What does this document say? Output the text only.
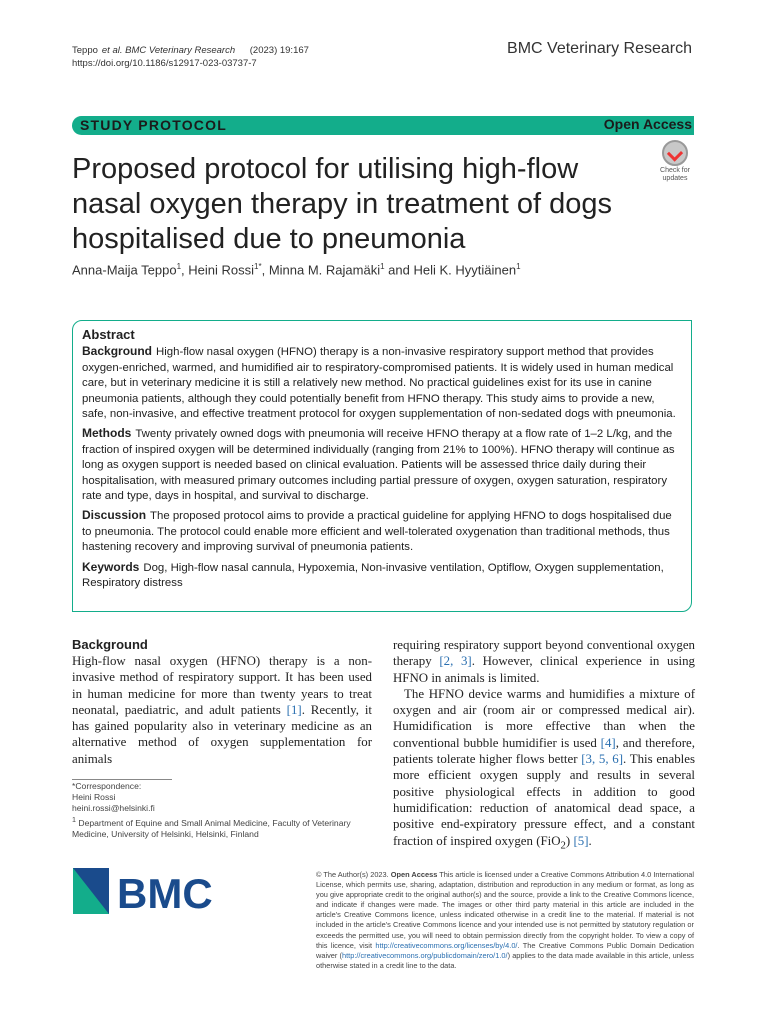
Teppo et al. BMC Veterinary Research (2023) 19:167
https://doi.org/10.1186/s12917-023-03737-7
BMC Veterinary Research
STUDY PROTOCOL	Open Access
Proposed protocol for utilising high-flow nasal oxygen therapy in treatment of dogs hospitalised due to pneumonia
Check for
updates
Anna-Maija Teppo$^1$, Heini Rossi$^{1*}$, Minna M. Rajamäki$^1$ and Heli K. Hyytiäinen$^1$
Abstract

Background High-flow nasal oxygen (HFNO) therapy is a non-invasive respiratory support method that provides oxygen-enriched, warmed, and humidified air to respiratory-compromised patients. It is widely used in human medical care, but in veterinary medicine it is still a relatively new method. No practical guidelines exist for its use in canine pneumonia patients, although they could potentially benefit from HFNO therapy. This study aims to provide a new, safe, non-invasive, and effective treatment protocol for oxygen supplementation of non-sedated dogs with pneumonia.

Methods Twenty privately owned dogs with pneumonia will receive HFNO therapy at a flow rate of 1–2 L/kg, and the fraction of inspired oxygen will be determined individually (ranging from 21% to 100%). HFNO therapy will continue as long as oxygen support is needed based on clinical evaluation. Patients will be assessed thrice daily during their hospitalisation, with measured primary outcomes including partial pressure of oxygen, oxygen saturation, respiratory rate and type, days in hospital, and survival to discharge.

Discussion The proposed protocol aims to provide a practical guideline for applying HFNO to dogs hospitalised due to pneumonia. The protocol could enable more efficient and well-tolerated oxygenation than traditional methods, thus hastening recovery and improving survival of pneumonia patients.

Keywords Dog, High-flow nasal cannula, Hypoxemia, Non-invasive ventilation, Optiflow, Oxygen supplementation, Respiratory distress

Background

High-flow nasal oxygen (HFNO) therapy is a non-invasive method of respiratory support. It has been used in human medicine for more than twenty years to treat neonatal, paediatric, and adult patients [1]. Recently, it has gained popularity also in veterinary medicine as an alternative method of oxygen supplementation for animals

requiring respiratory support beyond conventional oxygen therapy [2, 3]. However, clinical experience in using HFNO in animals is limited.

The HFNO device warms and humidifies a mixture of oxygen and air (room air or compressed medical air). Humidification is more effective than when the conventional bubble humidifier is used [4], and therefore, patients tolerate higher flows better [3, 5, 6]. This enables more efficient oxygen supply and results in several positive physiological effects in addition to good humidification: reduction of anatomical dead space, a positive end-expiratory pressure effect, and a constant fraction of inspired oxygen (FiO$_2$) [5].

*Correspondence:

Heini Rossi

heini.rossi@helsinki.fi

$^1$ Department of Equine and Small Animal Medicine, Faculty of Veterinary Medicine, University of Helsinki, Helsinki, Finland

BMC	© The Author(s) 2023. Open Access This article is licensed under a Creative Commons Attribution 4.0 International License, which permits use, sharing, adaptation, distribution and reproduction in any medium or format, as long as you give appropriate credit to the original author(s) and the source, provide a link to the Creative Commons licence, and indicate if changes were made. The images or other third party material in this article are included in the article's Creative Commons licence, unless indicated otherwise in a credit line to the material. If material is not included in the article's Creative Commons licence and your intended use is not permitted by statutory regulation or exceeds the permitted use, you will need to obtain permission directly from the copyright holder. To view a copy of this licence, visit http://creativecommons.org/licenses/by/4.0/. The Creative Commons Public Domain Dedication waiver (http://creativecommons.org/publicdomain/zero/1.0/) applies to the data made available in this article, unless otherwise stated in a credit line to the data.
